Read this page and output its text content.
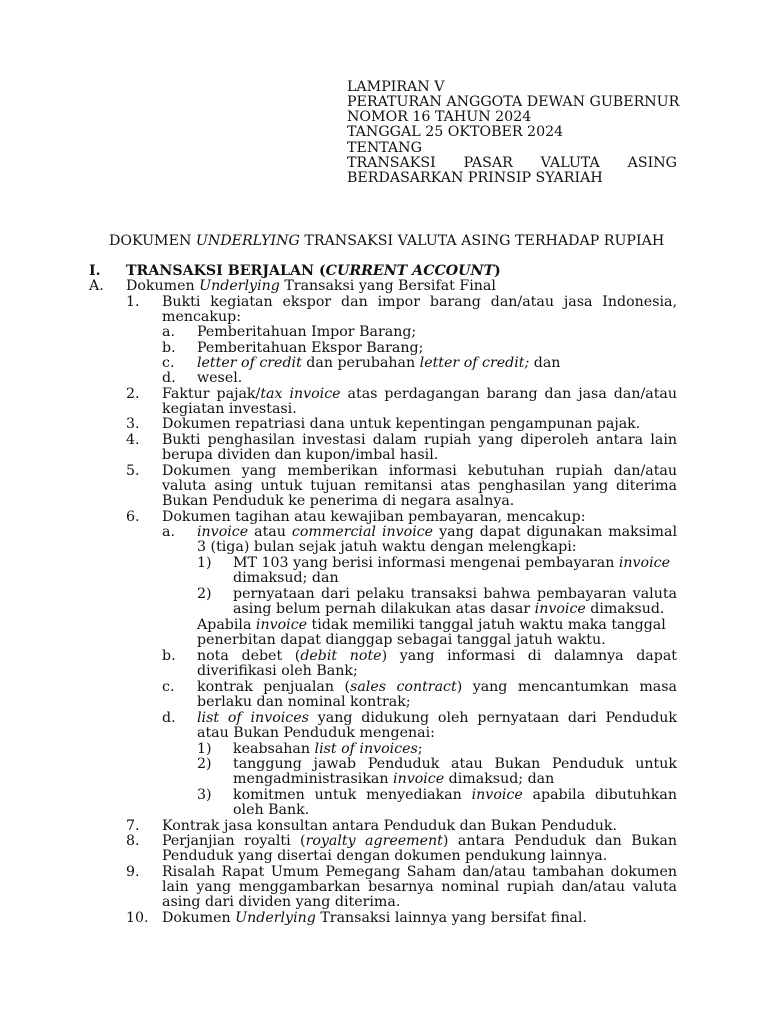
LAMPIRAN V
PERATURAN ANGGOTA DEWAN GUBERNUR
NOMOR 16 TAHUN 2024
TANGGAL 25 OKTOBER 2024
TENTANG
TRANSAKSI PASAR VALUTA ASING
BERDASARKAN PRINSIP SYARIAH
DOKUMEN UNDERLYING TRANSAKSI VALUTA ASING TERHADAP RUPIAH
I. TRANSAKSI BERJALAN (CURRENT ACCOUNT)
A. Dokumen Underlying Transaksi yang Bersifat Final
1. Bukti kegiatan ekspor dan impor barang dan/atau jasa Indonesia,
mencakup:
a. Pemberitahuan Impor Barang;
b. Pemberitahuan Ekspor Barang;
c. letter of credit dan perubahan letter of credit; dan
d. wesel.
2. Faktur pajak/tax invoice atas perdagangan barang dan jasa dan/atau
kegiatan investasi.
3. Dokumen repatriasi dana untuk kepentingan pengampunan pajak.
4. Bukti penghasilan investasi dalam rupiah yang diperoleh antara lain
berupa dividen dan kupon/imbal hasil.
5. Dokumen yang memberikan informasi kebutuhan rupiah dan/atau
valuta asing untuk tujuan remitansi atas penghasilan yang diterima
Bukan Penduduk ke penerima di negara asalnya.
6. Dokumen tagihan atau kewajiban pembayaran, mencakup:
a. invoice atau commercial invoice yang dapat digunakan maksimal
3 (tiga) bulan sejak jatuh waktu dengan melengkapi:
1) MT 103 yang berisi informasi mengenai pembayaran invoice
dimaksud; dan
2) pernyataan dari pelaku transaksi bahwa pembayaran valuta
asing belum pernah dilakukan atas dasar invoice dimaksud.
Apabila invoice tidak memiliki tanggal jatuh waktu maka tanggal
penerbitan dapat dianggap sebagai tanggal jatuh waktu.
b. nota debet (debit note) yang informasi di dalamnya dapat
diverifikasi oleh Bank;
c. kontrak penjualan (sales contract) yang mencantumkan masa
berlaku dan nominal kontrak;
d. list of invoices yang didukung oleh pernyataan dari Penduduk
atau Bukan Penduduk mengenai:
1) keabsahan list of invoices;
2) tanggung jawab Penduduk atau Bukan Penduduk untuk
mengadministrasikan invoice dimaksud; dan
3) komitmen untuk menyediakan invoice apabila dibutuhkan
oleh Bank.
7. Kontrak jasa konsultan antara Penduduk dan Bukan Penduduk.
8. Perjanjian royalti (royalty agreement) antara Penduduk dan Bukan
Penduduk yang disertai dengan dokumen pendukung lainnya.
9. Risalah Rapat Umum Pemegang Saham dan/atau tambahan dokumen
lain yang menggambarkan besarnya nominal rupiah dan/atau valuta
asing dari dividen yang diterima.
10. Dokumen Underlying Transaksi lainnya yang bersifat final.
